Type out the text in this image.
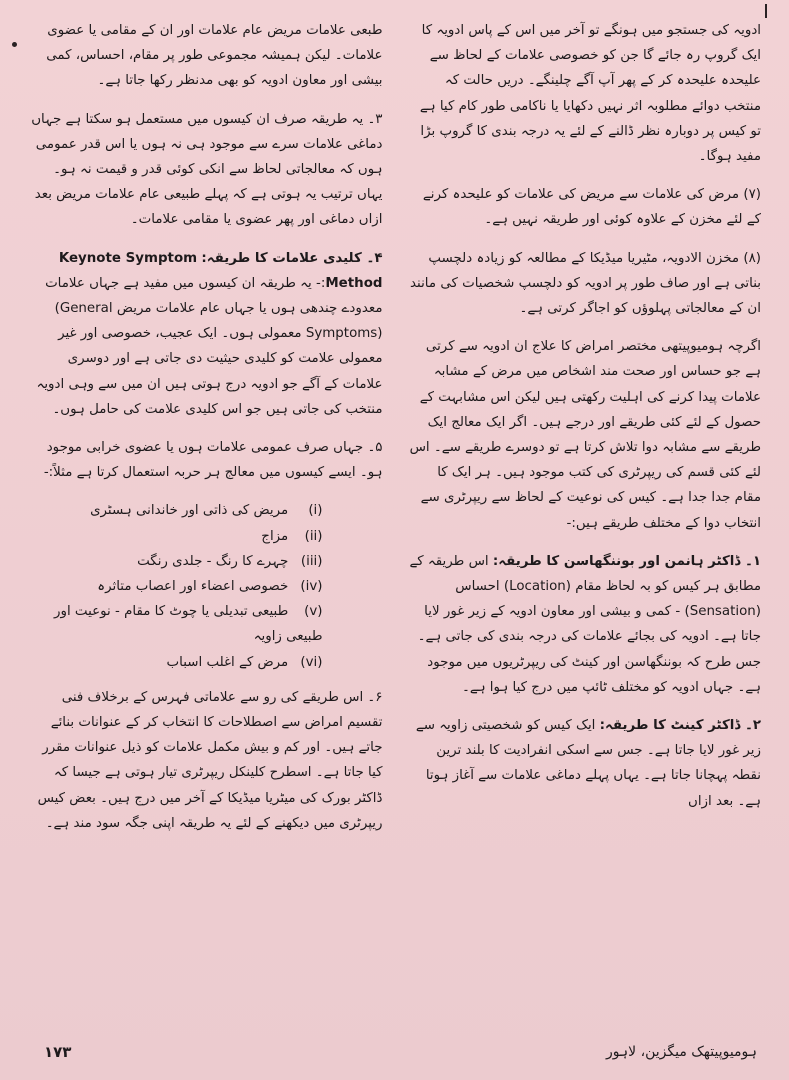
ادویہ کی جستجو میں ہونگے تو آخر میں اس کے پاس ادویہ کا ایک گروپ رہ جائے گا جن کو خصوصی علامات کے لحاظ سے علیحدہ علیحدہ کر کے پھر آپ آگے چلینگے۔ دریں حالت کہ منتخب دوائے مطلوبہ اثر نہیں دکھایا یا ناکامی طور کام کیا ہے تو کیس پر دوبارہ نظر ڈالنے کے لئے یہ درجہ بندی کا گروپ بڑا مفید ہوگا۔

(۷) مرض کی علامات سے مریض کی علامات کو علیحدہ کرنے کے لئے مخزن کے علاوہ کوئی اور طریقہ نہیں ہے۔

(۸) مخزن الادویہ، مٹیریا میڈیکا کے مطالعہ کو زیادہ دلچسپ بناتی ہے اور صاف طور پر ادویہ کو دلچسپ شخصیات کی مانند ان کے معالجاتی پہلوؤں کو اجاگر کرتی ہے۔

اگرچہ ہومیوپیتھی مختصر امراض کا علاج ان ادویہ سے کرتی ہے جو حساس اور صحت مند اشخاص میں مرض کے مشابہ علامات پیدا کرنے کی اہلیت رکھتی ہیں لیکن اس مشابہت کے حصول کے لئے کئی طریقے اور درجے ہیں۔ اگر ایک معالج ایک طریقے سے مشابہ دوا تلاش کرتا ہے تو دوسرے طریقے سے۔ اس لئے کئی قسم کی ریپرٹری کی کتب موجود ہیں۔ ہر ایک کا مقام جدا جدا ہے۔ کیس کی نوعیت کے لحاظ سے ریپرٹری سے انتخاب دوا کے مختلف طریقے ہیں:-

۱۔ ڈاکٹر ہانمن اور بوننگھاسن کا طریقہ: اس طریقہ کے مطابق ہر کیس کو بہ لحاظ مقام (Location) احساس (Sensation) - کمی و بیشی اور معاون ادویہ کے زیر غور لایا جاتا ہے۔ ادویہ کی بجائے علامات کی درجہ بندی کی جاتی ہے۔ جس طرح کہ بوننگھاسن اور کینٹ کی ریپرٹریوں میں موجود ہے۔ جہاں ادویہ کو مختلف ٹائپ میں درج کیا ہوا ہے۔

۲۔ ڈاکٹر کینٹ کا طریقہ: ایک کیس کو شخصیتی زاویہ سے زیر غور لایا جاتا ہے۔ جس سے اسکی انفرادیت کا بلند ترین نقطہ پہچانا جاتا ہے۔ یہاں پہلے دماغی علامات سے آغاز ہوتا ہے۔ بعد ازاں

طبعی علامات مریض عام علامات اور ان کے مقامی یا عضوی علامات۔ لیکن ہمیشہ مجموعی طور پر مقام، احساس، کمی بیشی اور معاون ادویہ کو بھی مدنظر رکھا جاتا ہے۔

۳۔ یہ طریقہ صرف ان کیسوں میں مستعمل ہو سکتا ہے جہاں دماغی علامات سرے سے موجود ہی نہ ہوں یا اس قدر عمومی ہوں کہ معالجاتی لحاظ سے انکی کوئی قدر و قیمت نہ ہو۔ یہاں ترتیب یہ ہوتی ہے کہ پہلے طبیعی عام علامات مریض بعد ازاں دماغی اور پھر عضوی یا مقامی علامات۔

۴۔ کلیدی علامات کا طریقہ: Keynote Symptom Method:- یہ طریقہ ان کیسوں میں مفید ہے جہاں علامات معدودے چندھی ہوں یا جہاں عام علامات مریض (General Symptoms) معمولی ہوں۔ ایک عجیب، خصوصی اور غیر معمولی علامت کو کلیدی حیثیت دی جاتی ہے اور دوسری علامات کے آگے جو ادویہ درج ہوتی ہیں ان میں سے وہی ادویہ منتخب کی جاتی ہیں جو اس کلیدی علامت کی حامل ہوں۔

۵۔ جہاں صرف عمومی علامات ہوں یا عضوی خرابی موجود ہو۔ ایسے کیسوں میں معالج ہر حربہ استعمال کرتا ہے مثلاً:-

(i) مریض کی ذاتی اور خاندانی ہسٹری
(ii) مزاج
(iii) چہرے کا رنگ - جلدی رنگت
(iv) خصوصی اعضاء اور اعصاب متاثرہ
(v) طبیعی تبدیلی یا چوٹ کا مقام - نوعیت اور طبیعی زاویہ
(vi) مرض کے اغلب اسباب

۶۔ اس طریقے کی رو سے علاماتی فہرس کے برخلاف فنی تقسیم امراض سے اصطلاحات کا انتخاب کر کے عنوانات بنائے جاتے ہیں۔ اور کم و بیش مکمل علامات کو ذیل عنوانات مقرر کیا جاتا ہے۔ اسطرح کلینکل ریپرٹری تیار ہوتی ہے جیسا کہ ڈاکٹر بورک کی میٹریا میڈیکا کے آخر میں درج ہیں۔ بعض کیس ریپرٹری میں دیکھنے کے لئے یہ طریقہ اپنی جگہ سود مند ہے۔

۱۷۳	ہومیوپیتھک میگزین، لاہور
